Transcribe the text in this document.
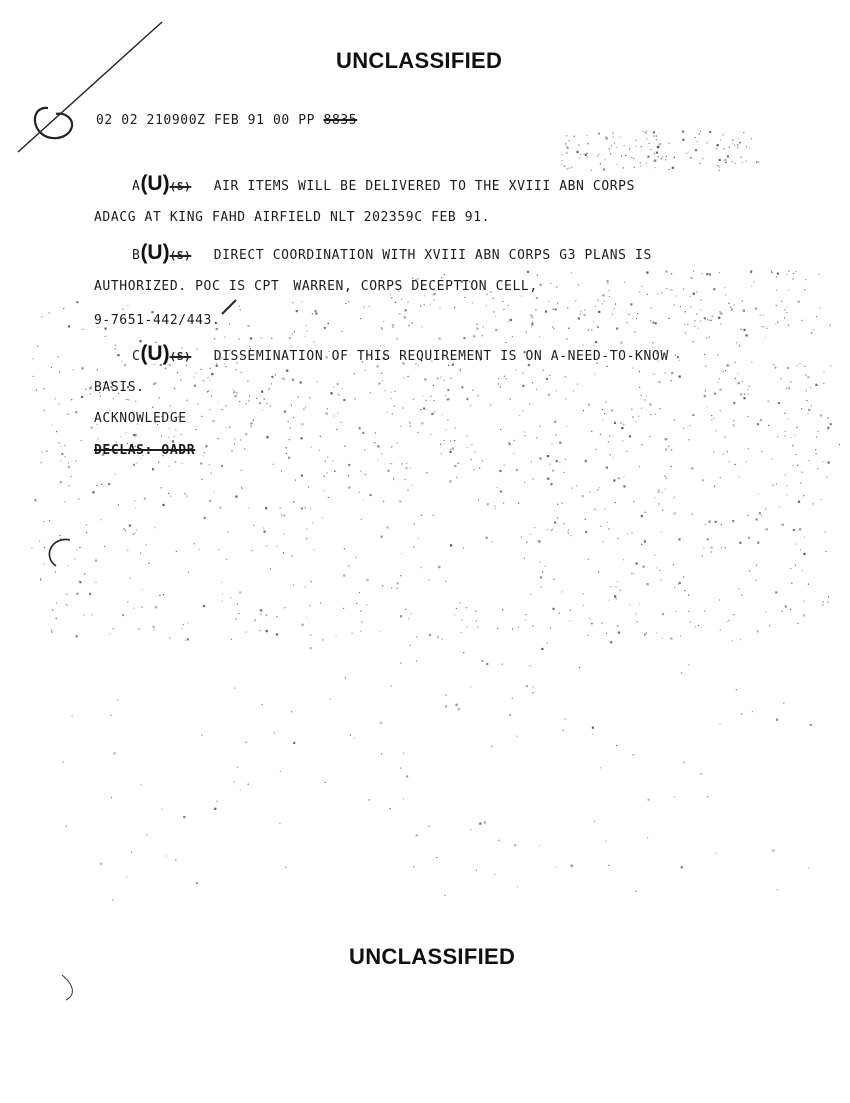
UNCLASSIFIED
02 02 210900Z FEB 91 00 PP 8835
A(U)(S) AIR ITEMS WILL BE DELIVERED TO THE XVIII ABN CORPS
ADACG AT KING FAHD AIRFIELD NLT 202359C FEB 91.
B(U)(S) DIRECT COORDINATION WITH XVIII ABN CORPS G3 PLANS IS
AUTHORIZED. POC IS CPT WARREN, CORPS DECEPTION CELL,
9-7651-442/443.
C(U)(S) DISSEMINATION OF THIS REQUIREMENT IS ON A-NEED-TO-KNOW
BASIS.
ACKNOWLEDGE
DECLAS: OADR
UNCLASSIFIED
